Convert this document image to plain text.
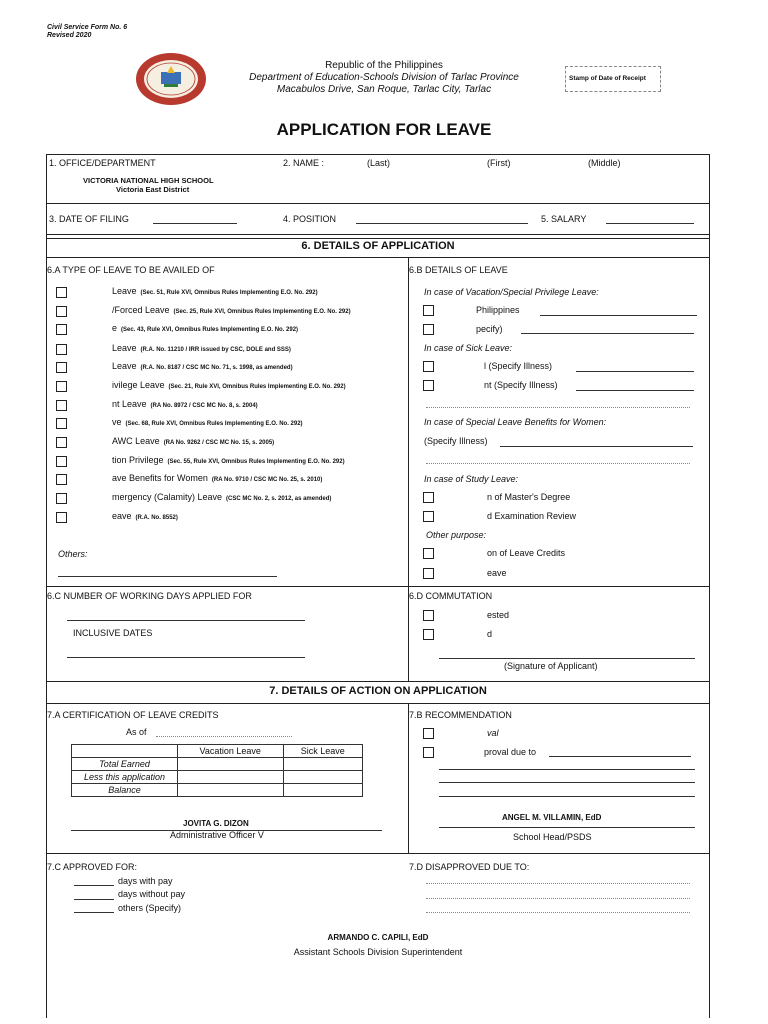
Civil Service Form No. 6
Revised 2020
Republic of the Philippines
Department of Education-Schools Division of Tarlac Province
Macabulos Drive, San Roque, Tarlac City, Tarlac
Stamp of Date of Receipt
APPLICATION FOR LEAVE
1. OFFICE/DEPARTMENT
VICTORIA NATIONAL HIGH SCHOOL
Victoria East District
2. NAME :	(Last)	(First)	(Middle)
3. DATE OF FILING	4. POSITION	5. SALARY
6. DETAILS OF APPLICATION
6.A TYPE OF LEAVE TO BE AVAILED OF
Leave (Sec. 51, Rule XVI, Omnibus Rules Implementing E.O. No. 292)
/Forced Leave (Sec. 25, Rule XVI, Omnibus Rules Implementing E.O. No. 292)
e (Sec. 43, Rule XVI, Omnibus Rules Implementing E.O. No. 292)
Leave (R.A. No. 11210 / IRR issued by CSC, DOLE and SSS)
Leave (R.A. No. 8187 / CSC MC No. 71, s. 1998, as amended)
ivilege Leave (Sec. 21, Rule XVI, Omnibus Rules Implementing E.O. No. 292)
nt Leave (RA No. 8972 / CSC MC No. 8, s. 2004)
ve (Sec. 68, Rule XVI, Omnibus Rules Implementing E.O. No. 292)
AWC Leave (RA No. 9262 / CSC MC No. 15, s. 2005)
tion Privilege (Sec. 55, Rule XVI, Omnibus Rules Implementing E.O. No. 292)
ave Benefits for Women (RA No. 9710 / CSC MC No. 25, s. 2010)
mergency (Calamity) Leave (CSC MC No. 2, s. 2012, as amended)
eave (R.A. No. 8552)
Others:
6.B DETAILS OF LEAVE
In case of Vacation/Special Privilege Leave:
Philippines
pecify)
In case of Sick Leave:
l (Specify Illness)
nt (Specify Illness)
In case of Special Leave Benefits for Women:
(Specify Illness)
In case of Study Leave:
n of Master's Degree
d Examination Review
Other purpose:
on of Leave Credits
eave
6.C NUMBER OF WORKING DAYS APPLIED FOR
INCLUSIVE DATES
6.D COMMUTATION
ested
d
(Signature of Applicant)
7. DETAILS OF ACTION ON APPLICATION
7.A CERTIFICATION OF LEAVE CREDITS
As of
	Vacation Leave	Sick Leave
Total Earned		
Less this application		
Balance		
JOVITA G. DIZON
Administrative Officer V
7.B RECOMMENDATION
val
proval due to
ANGEL M. VILLAMIN, EdD
School Head/PSDS
7.C APPROVED FOR:
days with pay
days without pay
others (Specify)
7.D DISAPPROVED DUE TO:
ARMANDO C. CAPILI, EdD
Assistant Schools Division Superintendent
